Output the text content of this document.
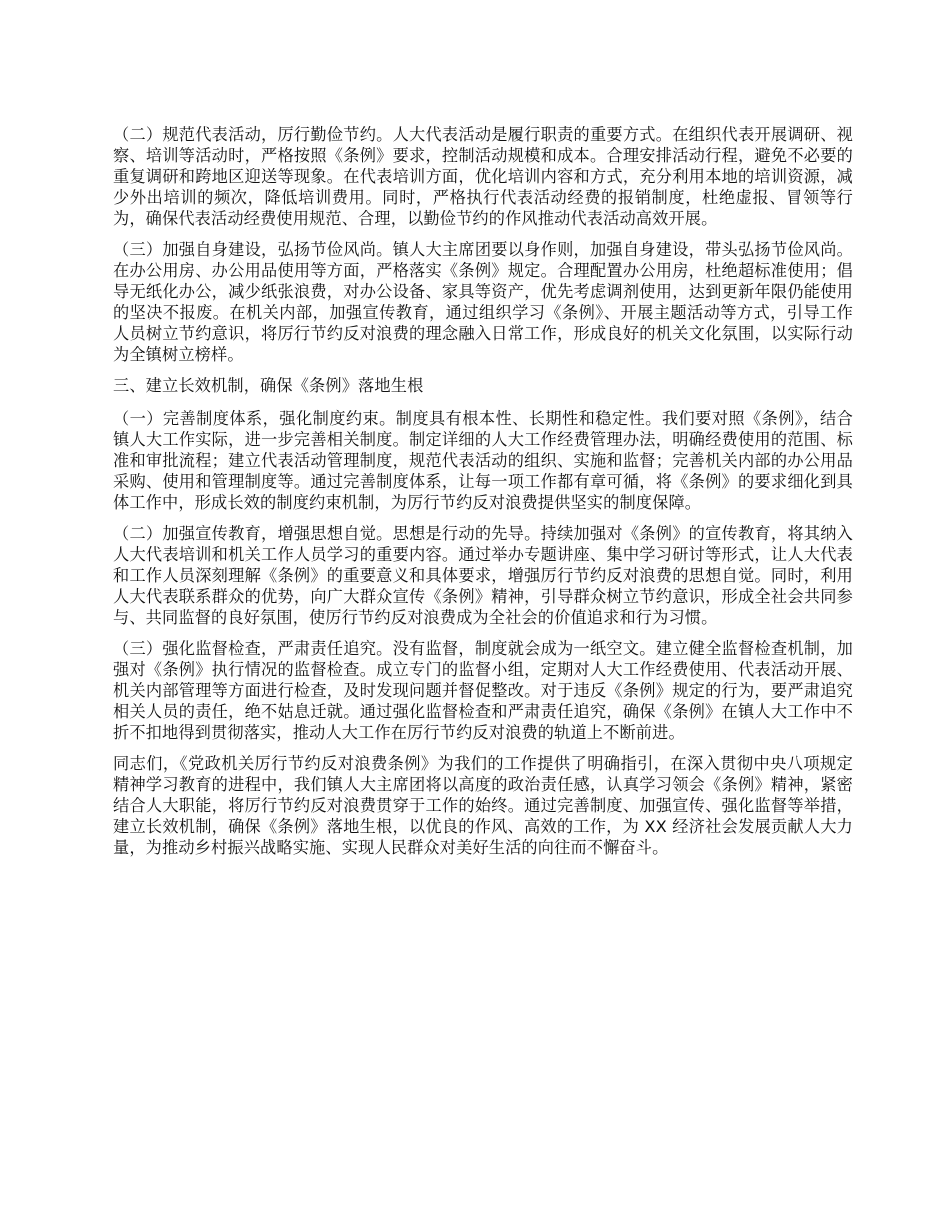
（二）规范代表活动，厉行勤俭节约。人大代表活动是履行职责的重要方式。在组织代表开展调研、视察、培训等活动时，严格按照《条例》要求，控制活动规模和成本。合理安排活动行程，避免不必要的重复调研和跨地区迎送等现象。在代表培训方面，优化培训内容和方式，充分利用本地的培训资源，减少外出培训的频次，降低培训费用。同时，严格执行代表活动经费的报销制度，杜绝虚报、冒领等行为，确保代表活动经费使用规范、合理，以勤俭节约的作风推动代表活动高效开展。

（三）加强自身建设，弘扬节俭风尚。镇人大主席团要以身作则，加强自身建设，带头弘扬节俭风尚。在办公用房、办公用品使用等方面，严格落实《条例》规定。合理配置办公用房，杜绝超标准使用；倡导无纸化办公，减少纸张浪费，对办公设备、家具等资产，优先考虑调剂使用，达到更新年限仍能使用的坚决不报废。在机关内部，加强宣传教育，通过组织学习《条例》、开展主题活动等方式，引导工作人员树立节约意识，将厉行节约反对浪费的理念融入日常工作，形成良好的机关文化氛围，以实际行动为全镇树立榜样。

三、建立长效机制，确保《条例》落地生根

（一）完善制度体系，强化制度约束。制度具有根本性、长期性和稳定性。我们要对照《条例》，结合镇人大工作实际，进一步完善相关制度。制定详细的人大工作经费管理办法，明确经费使用的范围、标准和审批流程；建立代表活动管理制度，规范代表活动的组织、实施和监督；完善机关内部的办公用品采购、使用和管理制度等。通过完善制度体系，让每一项工作都有章可循，将《条例》的要求细化到具体工作中，形成长效的制度约束机制，为厉行节约反对浪费提供坚实的制度保障。

（二）加强宣传教育，增强思想自觉。思想是行动的先导。持续加强对《条例》的宣传教育，将其纳入人大代表培训和机关工作人员学习的重要内容。通过举办专题讲座、集中学习研讨等形式，让人大代表和工作人员深刻理解《条例》的重要意义和具体要求，增强厉行节约反对浪费的思想自觉。同时，利用人大代表联系群众的优势，向广大群众宣传《条例》精神，引导群众树立节约意识，形成全社会共同参与、共同监督的良好氛围，使厉行节约反对浪费成为全社会的价值追求和行为习惯。

（三）强化监督检查，严肃责任追究。没有监督，制度就会成为一纸空文。建立健全监督检查机制，加强对《条例》执行情况的监督检查。成立专门的监督小组，定期对人大工作经费使用、代表活动开展、机关内部管理等方面进行检查，及时发现问题并督促整改。对于违反《条例》规定的行为，要严肃追究相关人员的责任，绝不姑息迁就。通过强化监督检查和严肃责任追究，确保《条例》在镇人大工作中不折不扣地得到贯彻落实，推动人大工作在厉行节约反对浪费的轨道上不断前进。

同志们，《党政机关厉行节约反对浪费条例》为我们的工作提供了明确指引，在深入贯彻中央八项规定精神学习教育的进程中，我们镇人大主席团将以高度的政治责任感，认真学习领会《条例》精神，紧密结合人大职能，将厉行节约反对浪费贯穿于工作的始终。通过完善制度、加强宣传、强化监督等举措，建立长效机制，确保《条例》落地生根，以优良的作风、高效的工作，为 XX 经济社会发展贡献人大力量，为推动乡村振兴战略实施、实现人民群众对美好生活的向往而不懈奋斗。
